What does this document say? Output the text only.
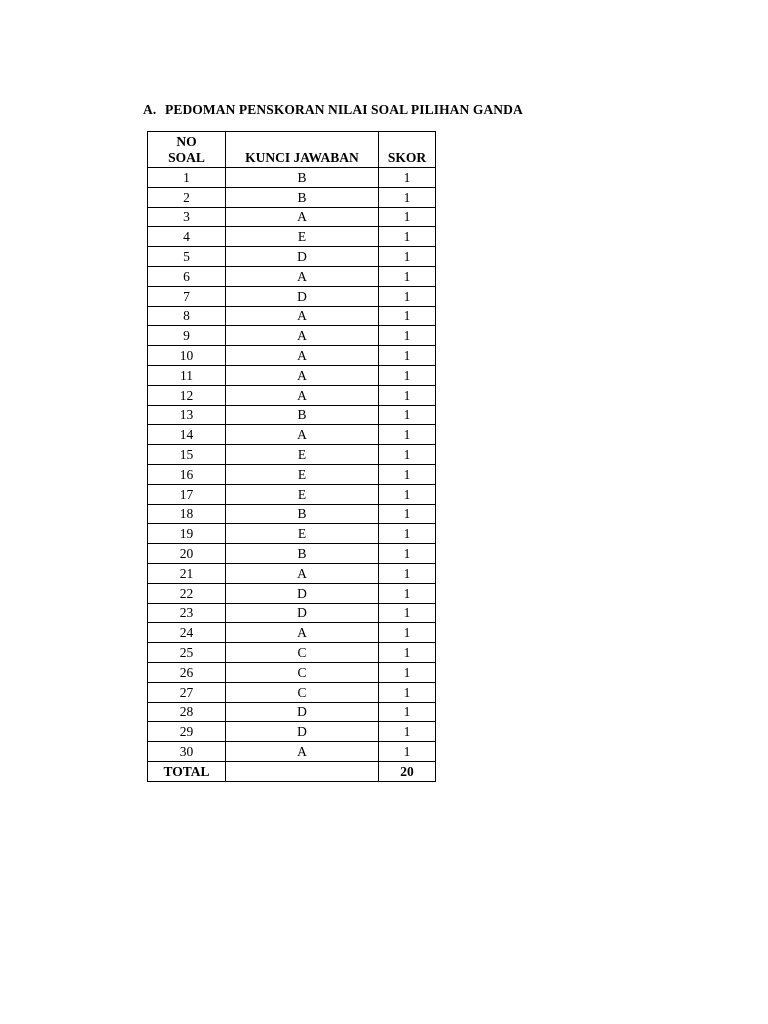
A. PEDOMAN PENSKORAN NILAI SOAL PILIHAN GANDA
NO
SOAL	KUNCI JAWABAN	SKOR
1	B	1
2	B	1
3	A	1
4	E	1
5	D	1
6	A	1
7	D	1
8	A	1
9	A	1
10	A	1
11	A	1
12	A	1
13	B	1
14	A	1
15	E	1
16	E	1
17	E	1
18	B	1
19	E	1
20	B	1
21	A	1
22	D	1
23	D	1
24	A	1
25	C	1
26	C	1
27	C	1
28	D	1
29	D	1
30	A	1
TOTAL		20
